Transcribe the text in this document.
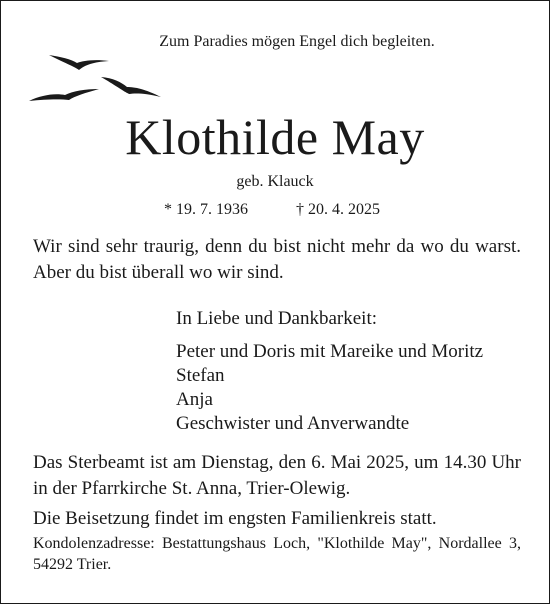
Zum Paradies mögen Engel dich begleiten.
Klothilde May
geb. Klauck
* 19. 7. 1936	† 20. 4. 2025
Wir sind sehr traurig, denn du bist nicht mehr da wo du warst. Aber du bist überall wo wir sind.
In Liebe und Dankbarkeit:
Peter und Doris mit Mareike und Moritz
Stefan
Anja
Geschwister und Anverwandte
Das Sterbeamt ist am Dienstag, den 6. Mai 2025, um 14.30 Uhr in der Pfarrkirche St. Anna, Trier-Olewig.
Die Beisetzung findet im engsten Familienkreis statt.
Kondolenzadresse: Bestattungshaus Loch, "Klothilde May", Nordallee 3, 54292 Trier.
